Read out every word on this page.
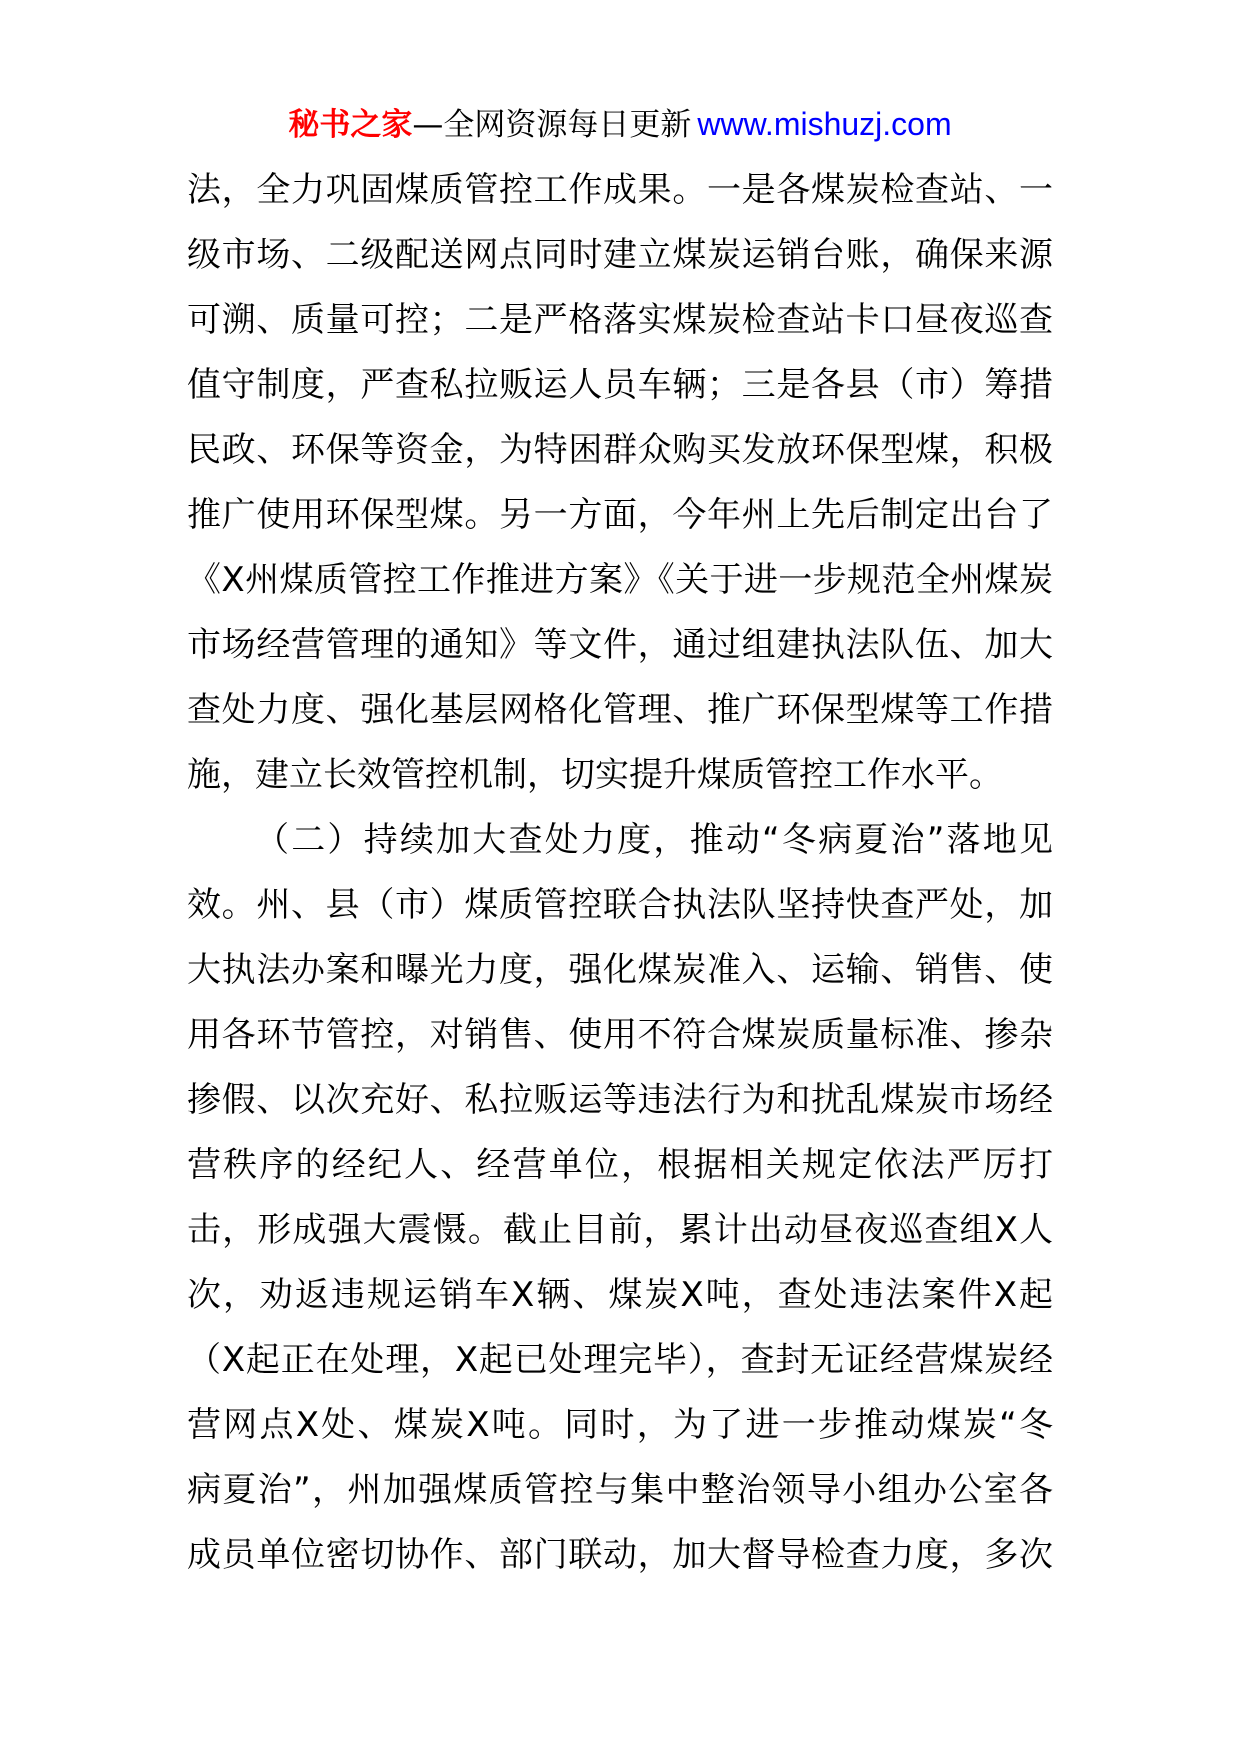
秘书之家—全网资源每日更新 www.mishuzj.com
法，全力巩固煤质管控工作成果。一是各煤炭检查站、一
级市场、二级配送网点同时建立煤炭运销台账，确保来源
可溯、质量可控；二是严格落实煤炭检查站卡口昼夜巡查
值守制度，严查私拉贩运人员车辆；三是各县（市）筹措
民政、环保等资金，为特困群众购买发放环保型煤，积极
推广使用环保型煤。另一方面，今年州上先后制定出台了
《X州煤质管控工作推进方案》《关于进一步规范全州煤炭
市场经营管理的通知》等文件，通过组建执法队伍、加大
查处力度、强化基层网格化管理、推广环保型煤等工作措
施，建立长效管控机制，切实提升煤质管控工作水平。
（二）持续加大查处力度，推动“冬病夏治”落地见
效。州、县（市）煤质管控联合执法队坚持快查严处，加
大执法办案和曝光力度，强化煤炭准入、运输、销售、使
用各环节管控，对销售、使用不符合煤炭质量标准、掺杂
掺假、以次充好、私拉贩运等违法行为和扰乱煤炭市场经
营秩序的经纪人、经营单位，根据相关规定依法严厉打
击，形成强大震慑。截止目前，累计出动昼夜巡查组X人
次，劝返违规运销车X辆、煤炭X吨，查处违法案件X起
（X起正在处理，X起已处理完毕），查封无证经营煤炭经
营网点X处、煤炭X吨。同时，为了进一步推动煤炭“冬
病夏治”，州加强煤质管控与集中整治领导小组办公室各
成员单位密切协作、部门联动，加大督导检查力度，多次
